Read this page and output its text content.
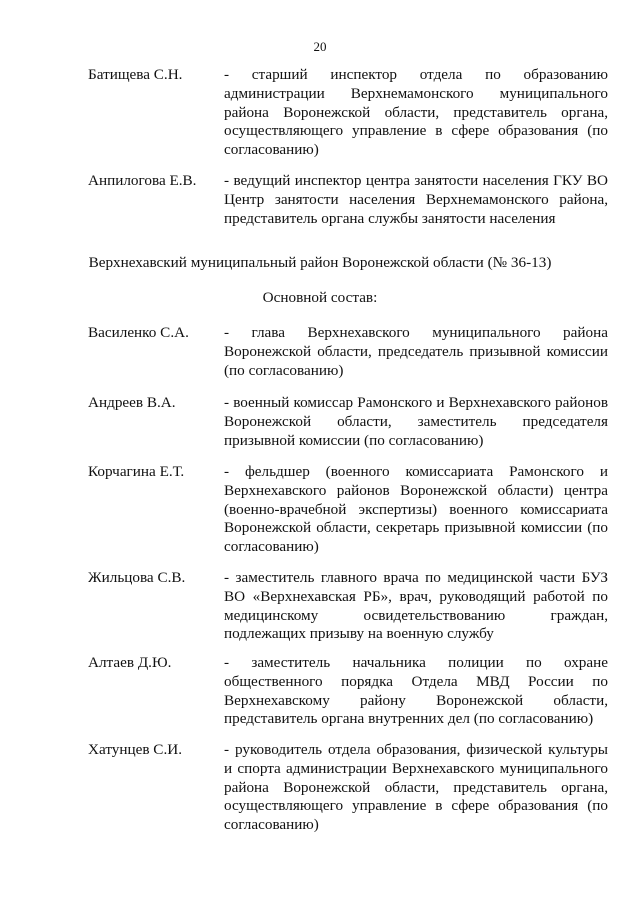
20
Батищева С.Н.	- старший инспектор отдела по образованию администрации Верхнемамонского муниципального района Воронежской области, представитель органа, осуществляющего управление в сфере образования (по согласованию)
Анпилогова Е.В. - ведущий инспектор центра занятости населения ГКУ ВО Центр занятости населения Верхнемамонского района, представитель органа службы занятости населения
Верхнехавский муниципальный район Воронежской области (№ 36-13)
Основной состав:
Василенко С.А. - глава Верхнехавского муниципального района Воронежской области, председатель призывной комиссии (по согласованию)
Андреев В.А.	- военный комиссар Рамонского и Верхнехавского районов Воронежской области, заместитель председателя призывной комиссии (по согласованию)
Корчагина Е.Т.	- фельдшер (военного комиссариата Рамонского и Верхнехавского районов Воронежской области) центра (военно-врачебной экспертизы) военного комиссариата Воронежской области, секретарь призывной комиссии (по согласованию)
Жильцова С.В.	- заместитель главного врача по медицинской части БУЗ ВО «Верхнехавская РБ», врач, руководящий работой по медицинскому освидетельствованию граждан, подлежащих призыву на военную службу
Алтаев Д.Ю.	- заместитель начальника полиции по охране общественного порядка Отдела МВД России по Верхнехавскому району Воронежской области, представитель органа внутренних дел (по согласованию)
Хатунцев С.И.	- руководитель отдела образования, физической культуры и спорта администрации Верхнехавского муниципального района Воронежской области, представитель органа, осуществляющего управление в сфере образования (по согласованию)
